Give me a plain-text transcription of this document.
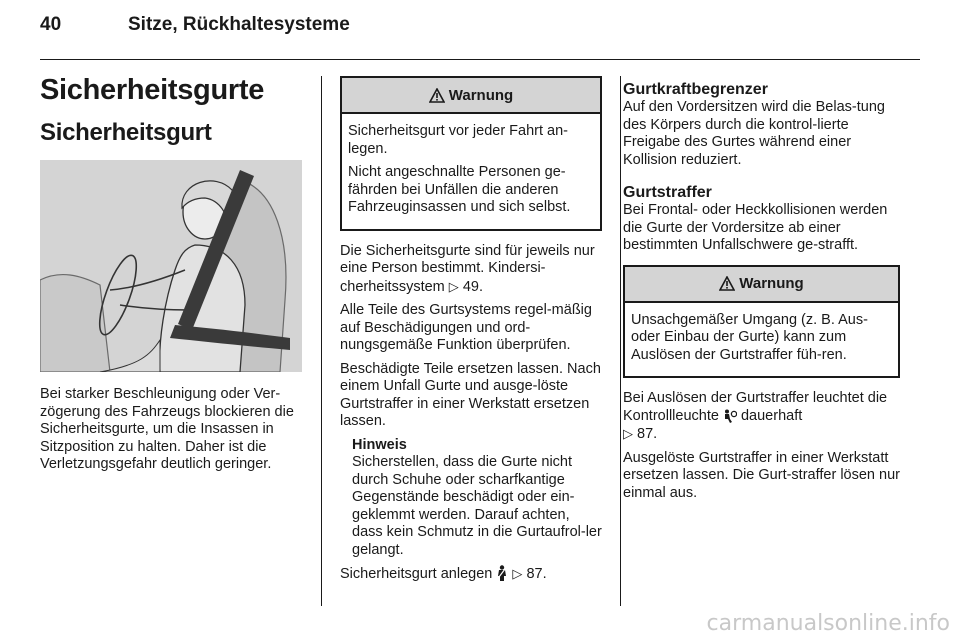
40	Sitze, Rückhaltesysteme
Sicherheitsgurte
Sicherheitsgurt

Bei starker Beschleunigung oder Ver-zögerung des Fahrzeugs blockieren die Sicherheitsgurte, um die Insassen in Sitzposition zu halten. Daher ist die Verletzungsgefahr deutlich geringer.

Warnung

Sicherheitsgurt vor jeder Fahrt an-legen.

Nicht angeschnallte Personen ge-fährden bei Unfällen die anderen Fahrzeuginsassen und sich selbst.

Die Sicherheitsgurte sind für jeweils nur eine Person bestimmt. Kindersi-cherheitssystem ▷ 49.

Alle Teile des Gurtsystems regel-mäßig auf Beschädigungen und ord-nungsgemäße Funktion überprüfen.

Beschädigte Teile ersetzen lassen. Nach einem Unfall Gurte und ausge-löste Gurtstraffer in einer Werkstatt ersetzen lassen.

Hinweis

Sicherstellen, dass die Gurte nicht durch Schuhe oder scharfkantige Gegenstände beschädigt oder ein-geklemmt werden. Darauf achten, dass kein Schmutz in die Gurtaufrol-ler gelangt.

Sicherheitsgurt anlegen ▷ 87.

Gurtkraftbegrenzer

Auf den Vordersitzen wird die Belas-tung des Körpers durch die kontrol-lierte Freigabe des Gurtes während einer Kollision reduziert.

Gurtstraffer

Bei Frontal- oder Heckkollisionen werden die Gurte der Vordersitze ab einer bestimmten Unfallschwere ge-strafft.

Warnung

Unsachgemäßer Umgang (z. B. Aus- oder Einbau der Gurte) kann zum Auslösen der Gurtstraffer füh-ren.

Bei Auslösen der Gurtstraffer leuchtet die Kontrollleuchte dauerhaft
▷ 87.

Ausgelöste Gurtstraffer in einer Werkstatt ersetzen lassen. Die Gurt-straffer lösen nur einmal aus.

carmanualsonline.info
